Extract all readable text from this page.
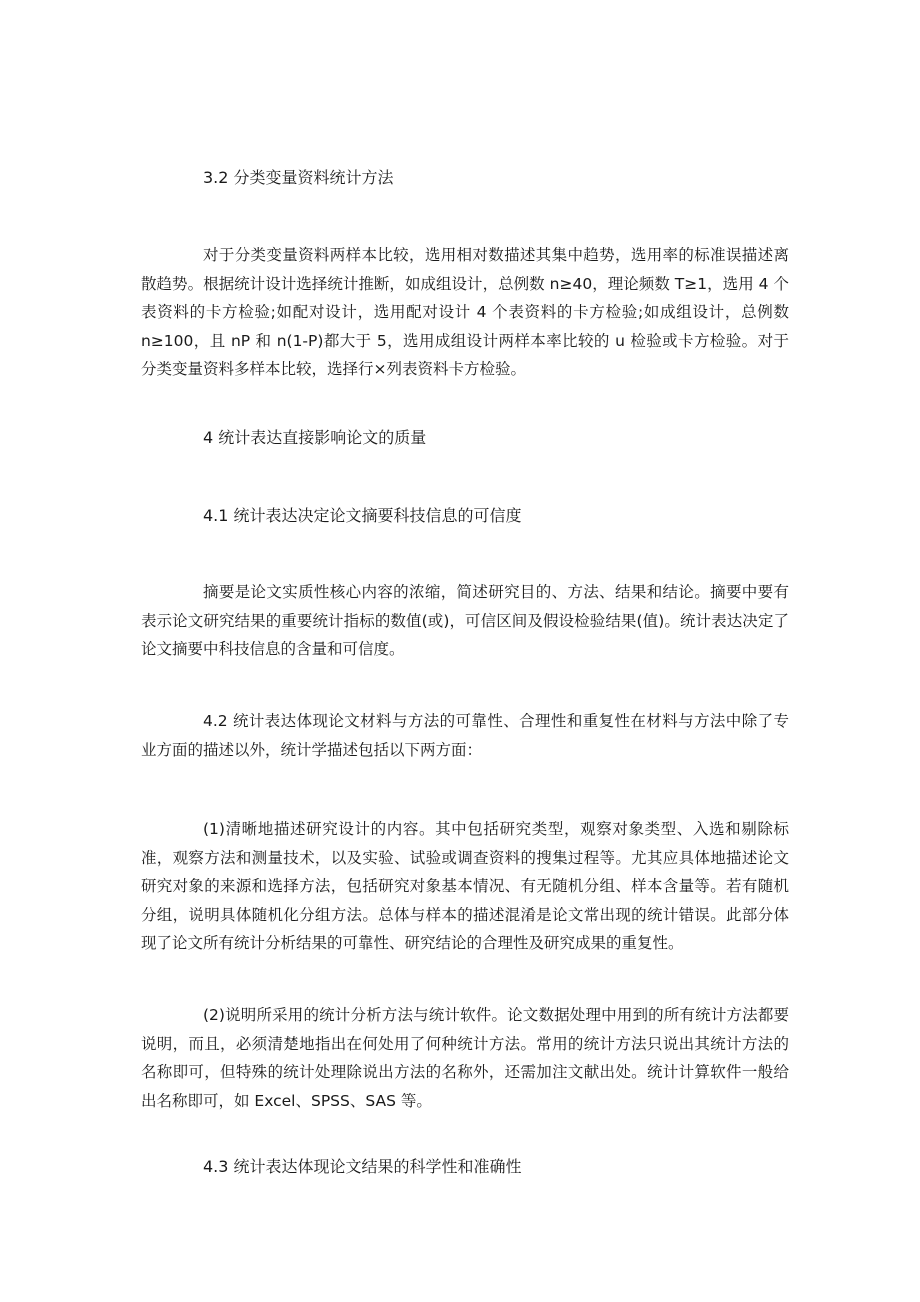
3.2 分类变量资料统计方法

对于分类变量资料两样本比较，选用相对数描述其集中趋势，选用率的标准误描述离散趋势。根据统计设计选择统计推断，如成组设计，总例数 n≥40，理论频数 T≥1，选用 4 个表资料的卡方检验;如配对设计，选用配对设计 4 个表资料的卡方检验;如成组设计，总例数 n≥100，且 nP 和 n(1-P)都大于 5，选用成组设计两样本率比较的 u 检验或卡方检验。对于分类变量资料多样本比较，选择行×列表资料卡方检验。

4 统计表达直接影响论文的质量
4.1 统计表达决定论文摘要科技信息的可信度

摘要是论文实质性核心内容的浓缩，简述研究目的、方法、结果和结论。摘要中要有表示论文研究结果的重要统计指标的数值(或)，可信区间及假设检验结果(值)。统计表达决定了论文摘要中科技信息的含量和可信度。

4.2 统计表达体现论文材料与方法的可靠性、合理性和重复性在材料与方法中除了专业方面的描述以外，统计学描述包括以下两方面：

(1)清晰地描述研究设计的内容。其中包括研究类型，观察对象类型、入选和剔除标准，观察方法和测量技术，以及实验、试验或调查资料的搜集过程等。尤其应具体地描述论文研究对象的来源和选择方法，包括研究对象基本情况、有无随机分组、样本含量等。若有随机分组，说明具体随机化分组方法。总体与样本的描述混淆是论文常出现的统计错误。此部分体现了论文所有统计分析结果的可靠性、研究结论的合理性及研究成果的重复性。

(2)说明所采用的统计分析方法与统计软件。论文数据处理中用到的所有统计方法都要说明，而且，必须清楚地指出在何处用了何种统计方法。常用的统计方法只说出其统计方法的名称即可，但特殊的统计处理除说出方法的名称外，还需加注文献出处。统计计算软件一般给出名称即可，如 Excel、SPSS、SAS 等。

4.3 统计表达体现论文结果的科学性和准确性
